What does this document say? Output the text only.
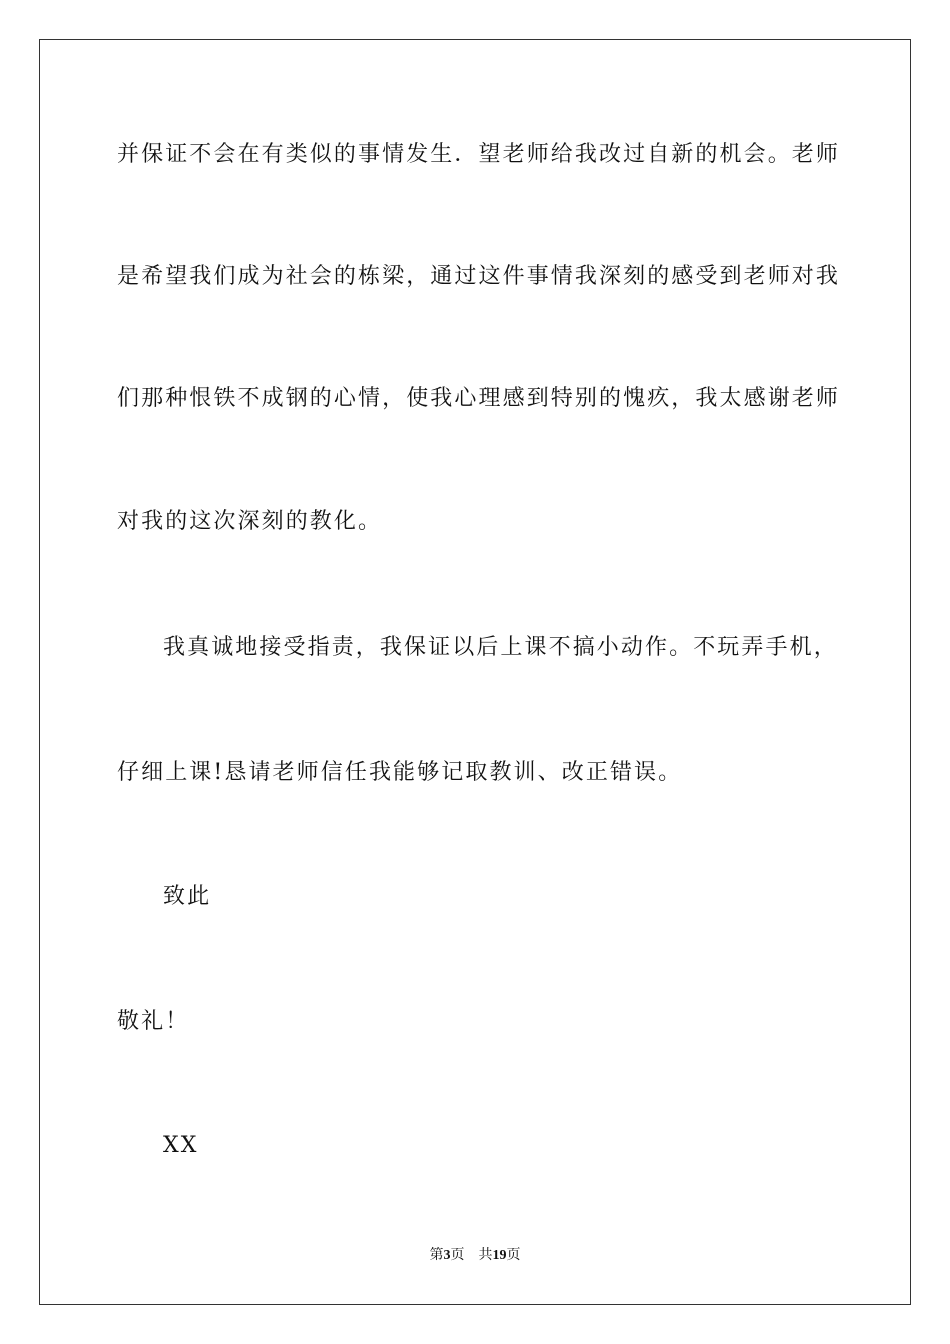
并保证不会在有类似的事情发生．望老师给我改过自新的机会。老师
是希望我们成为社会的栋梁，通过这件事情我深刻的感受到老师对我
们那种恨铁不成钢的心情，使我心理感到特别的愧疚，我太感谢老师
对我的这次深刻的教化。
我真诚地接受指责，我保证以后上课不搞小动作。不玩弄手机，
仔细上课!恳请老师信任我能够记取教训、改正错误。
致此
敬礼！
XX
第3页 共19页
